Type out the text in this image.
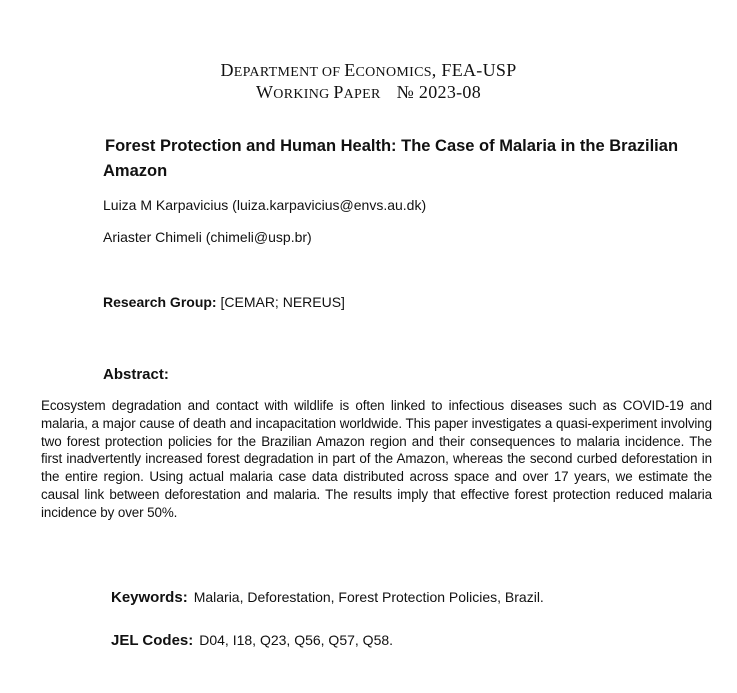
DEPARTMENT OF ECONOMICS, FEA-USP
WORKING PAPER № 2023-08
Forest Protection and Human Health: The Case of Malaria in the Brazilian Amazon
Luiza M Karpavicius (luiza.karpavicius@envs.au.dk)
Ariaster Chimeli (chimeli@usp.br)
Research Group: [CEMAR; NEREUS]
Abstract:
Ecosystem degradation and contact with wildlife is often linked to infectious diseases such as COVID-19 and malaria, a major cause of death and incapacitation worldwide. This paper investigates a quasi-experiment involving two forest protection policies for the Brazilian Amazon region and their consequences to malaria incidence. The first inadvertently increased forest degradation in part of the Amazon, whereas the second curbed deforestation in the entire region. Using actual malaria case data distributed across space and over 17 years, we estimate the causal link between deforestation and malaria. The results imply that effective forest protection reduced malaria incidence by over 50%.
Keywords: Malaria, Deforestation, Forest Protection Policies, Brazil.
JEL Codes: D04, I18, Q23, Q56, Q57, Q58.
